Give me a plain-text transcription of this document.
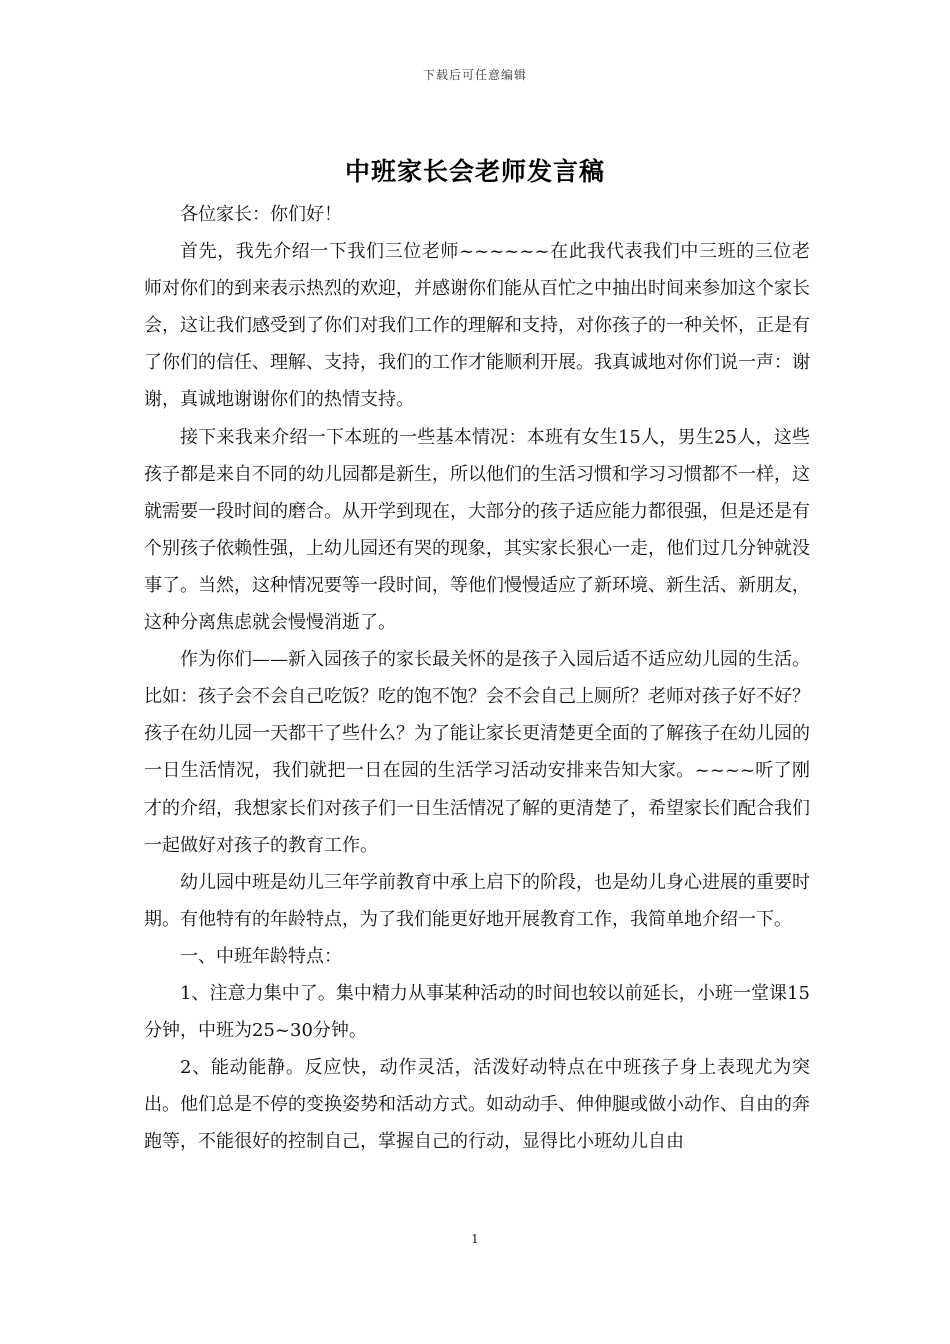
下载后可任意编辑
中班家长会老师发言稿

各位家长：你们好！

首先，我先介绍一下我们三位老师~~~~~~在此我代表我们中三班的三位老师对你们的到来表示热烈的欢迎，并感谢你们能从百忙之中抽出时间来参加这个家长会，这让我们感受到了你们对我们工作的理解和支持，对你孩子的一种关怀，正是有了你们的信任、理解、支持，我们的工作才能顺利开展。我真诚地对你们说一声：谢谢，真诚地谢谢你们的热情支持。

接下来我来介绍一下本班的一些基本情况：本班有女生15人，男生25人，这些孩子都是来自不同的幼儿园都是新生，所以他们的生活习惯和学习习惯都不一样，这就需要一段时间的磨合。从开学到现在，大部分的孩子适应能力都很强，但是还是有个别孩子依赖性强，上幼儿园还有哭的现象，其实家长狠心一走，他们过几分钟就没事了。当然，这种情况要等一段时间，等他们慢慢适应了新环境、新生活、新朋友，这种分离焦虑就会慢慢消逝了。

作为你们——新入园孩子的家长最关怀的是孩子入园后适不适应幼儿园的生活。比如：孩子会不会自己吃饭？吃的饱不饱？会不会自己上厕所？老师对孩子好不好？孩子在幼儿园一天都干了些什么？为了能让家长更清楚更全面的了解孩子在幼儿园的一日生活情况，我们就把一日在园的生活学习活动安排来告知大家。~~~~听了刚才的介绍，我想家长们对孩子们一日生活情况了解的更清楚了，希望家长们配合我们一起做好对孩子的教育工作。

幼儿园中班是幼儿三年学前教育中承上启下的阶段，也是幼儿身心进展的重要时期。有他特有的年龄特点，为了我们能更好地开展教育工作，我简单地介绍一下。

一、中班年龄特点：

1、注意力集中了。集中精力从事某种活动的时间也较以前延长，小班一堂课15分钟，中班为25~30分钟。

2、能动能静。反应快，动作灵活，活泼好动特点在中班孩子身上表现尤为突出。他们总是不停的变换姿势和活动方式。如动动手、伸伸腿或做小动作、自由的奔跑等，不能很好的控制自己，掌握自己的行动，显得比小班幼儿自由

1
